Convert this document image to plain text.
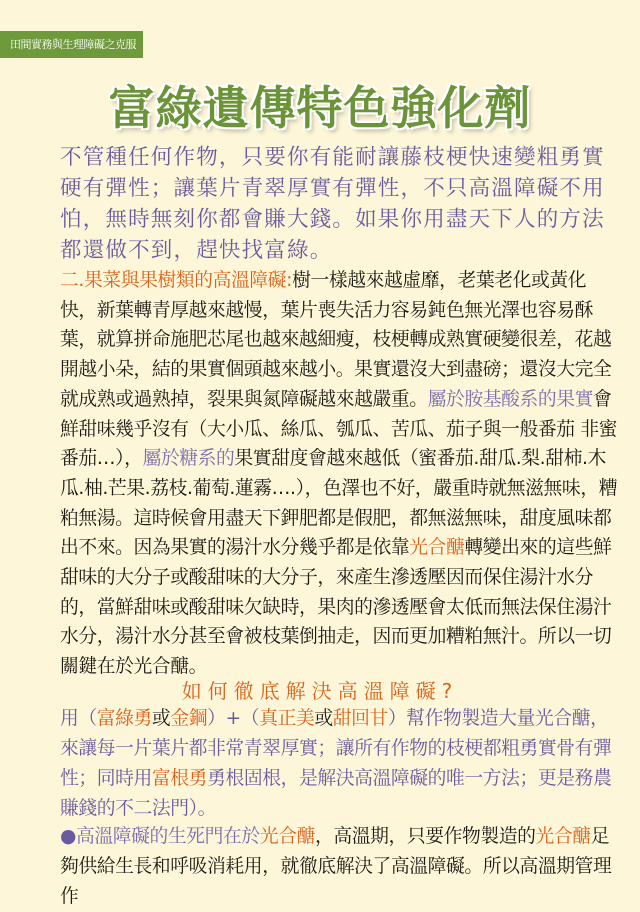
田間實務與生理障礙之克服
富綠遺傳特色強化劑
不管種任何作物，只要你有能耐讓藤枝梗快速變粗勇實硬有彈性；讓葉片青翠厚實有彈性，不只高溫障礙不用怕，無時無刻你都會賺大錢。如果你用盡天下人的方法都還做不到，趕快找富綠。
二.果菜與果樹類的高溫障礙:樹一樣越來越虛靡，老葉老化或黃化快，新葉轉青厚越來越慢，葉片喪失活力容易鈍色無光澤也容易酥葉，就算拼命施肥芯尾也越來越細瘦，枝梗轉成熟實硬變很差，花越開越小朵，結的果實個頭越來越小。果實還沒大到盡磅；還沒大完全就成熟或過熟掉，裂果與氮障礙越來越嚴重。屬於胺基酸系的果實會鮮甜味幾乎沒有（大小瓜、絲瓜、瓠瓜、苦瓜、茄子與一般番茄 非蜜番茄…），屬於糖系的果實甜度會越來越低（蜜番茄.甜瓜.梨.甜柿.木瓜.柚.芒果.荔枝.葡萄.蓮霧….），色澤也不好，嚴重時就無滋無味，糟粕無湯。這時候會用盡天下鉀肥都是假肥，都無滋無味，甜度風味都出不來。因為果實的湯汁水分幾乎都是依靠光合醣轉變出來的這些鮮甜味的大分子或酸甜味的大分子，來產生滲透壓因而保住湯汁水分的，當鮮甜味或酸甜味欠缺時，果肉的滲透壓會太低而無法保住湯汁水分，湯汁水分甚至會被枝葉倒抽走，因而更加糟粕無汁。所以一切關鍵在於光合醣。
如何徹底解決高溫障礙?
用（富綠勇或金鋼）+（真正美或甜回甘）幫作物製造大量光合醣，來讓每一片葉片都非常青翠厚實；讓所有作物的枝梗都粗勇實骨有彈性；同時用富根勇勇根固根，是解決高溫障礙的唯一方法；更是務農賺錢的不二法門）。
●高溫障礙的生死門在於光合醣，高溫期，只要作物製造的光合醣足夠供給生長和呼吸消耗用，就徹底解決了高溫障礙。所以高溫期管理作
